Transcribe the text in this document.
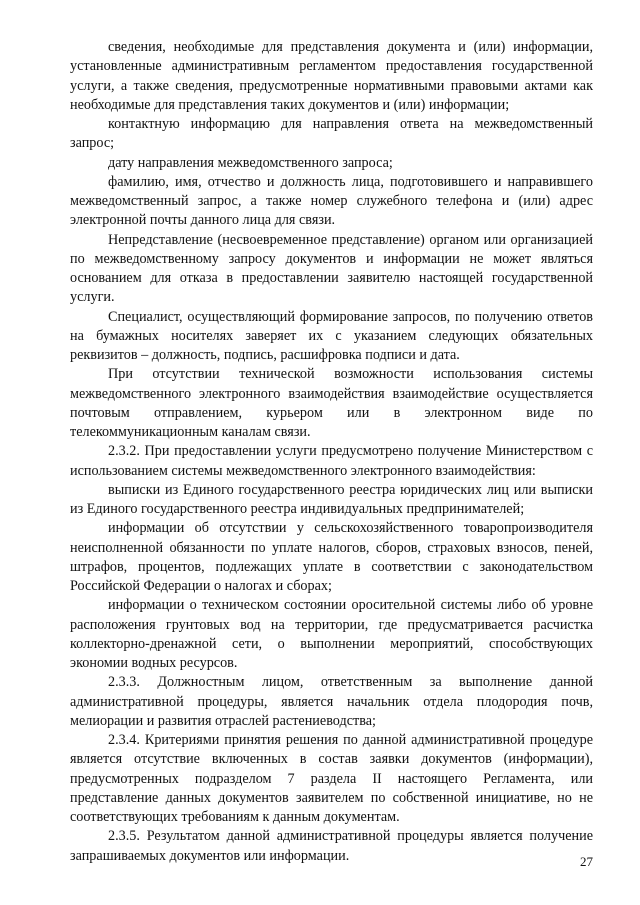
сведения, необходимые для представления документа и (или) информации, установленные административным регламентом предоставления государственной услуги, а также сведения, предусмотренные нормативными правовыми актами как необходимые для представления таких документов и (или) информации;

контактную информацию для направления ответа на межведомственный запрос;

дату направления межведомственного запроса;

фамилию, имя, отчество и должность лица, подготовившего и направившего межведомственный запрос, а также номер служебного телефона и (или) адрес электронной почты данного лица для связи.

Непредставление (несвоевременное представление) органом или организацией по межведомственному запросу документов и информации не может являться основанием для отказа в предоставлении заявителю настоящей государственной услуги.

Специалист, осуществляющий формирование запросов, по получению ответов на бумажных носителях заверяет их с указанием следующих обязательных реквизитов – должность, подпись, расшифровка подписи и дата.

При отсутствии технической возможности использования системы межведомственного электронного взаимодействия взаимодействие осуществляется почтовым отправлением, курьером или в электронном виде по телекоммуникационным каналам связи.

2.3.2. При предоставлении услуги предусмотрено получение Министерством с использованием системы межведомственного электронного взаимодействия:

выписки из Единого государственного реестра юридических лиц или выписки из Единого государственного реестра индивидуальных предпринимателей;

информации об отсутствии у сельскохозяйственного товаропроизводителя неисполненной обязанности по уплате налогов, сборов, страховых взносов, пеней, штрафов, процентов, подлежащих уплате в соответствии с законодательством Российской Федерации о налогах и сборах;

информации о техническом состоянии оросительной системы либо об уровне расположения грунтовых вод на территории, где предусматривается расчистка коллекторно-дренажной сети, о выполнении мероприятий, способствующих экономии водных ресурсов.

2.3.3. Должностным лицом, ответственным за выполнение данной административной процедуры, является начальник отдела плодородия почв, мелиорации и развития отраслей растениеводства;

2.3.4. Критериями принятия решения по данной административной процедуре является отсутствие включенных в состав заявки документов (информации), предусмотренных подразделом 7 раздела II настоящего Регламента, или представление данных документов заявителем по собственной инициативе, но не соответствующих требованиям к данным документам.

2.3.5. Результатом данной административной процедуры является получение запрашиваемых документов или информации.	27
